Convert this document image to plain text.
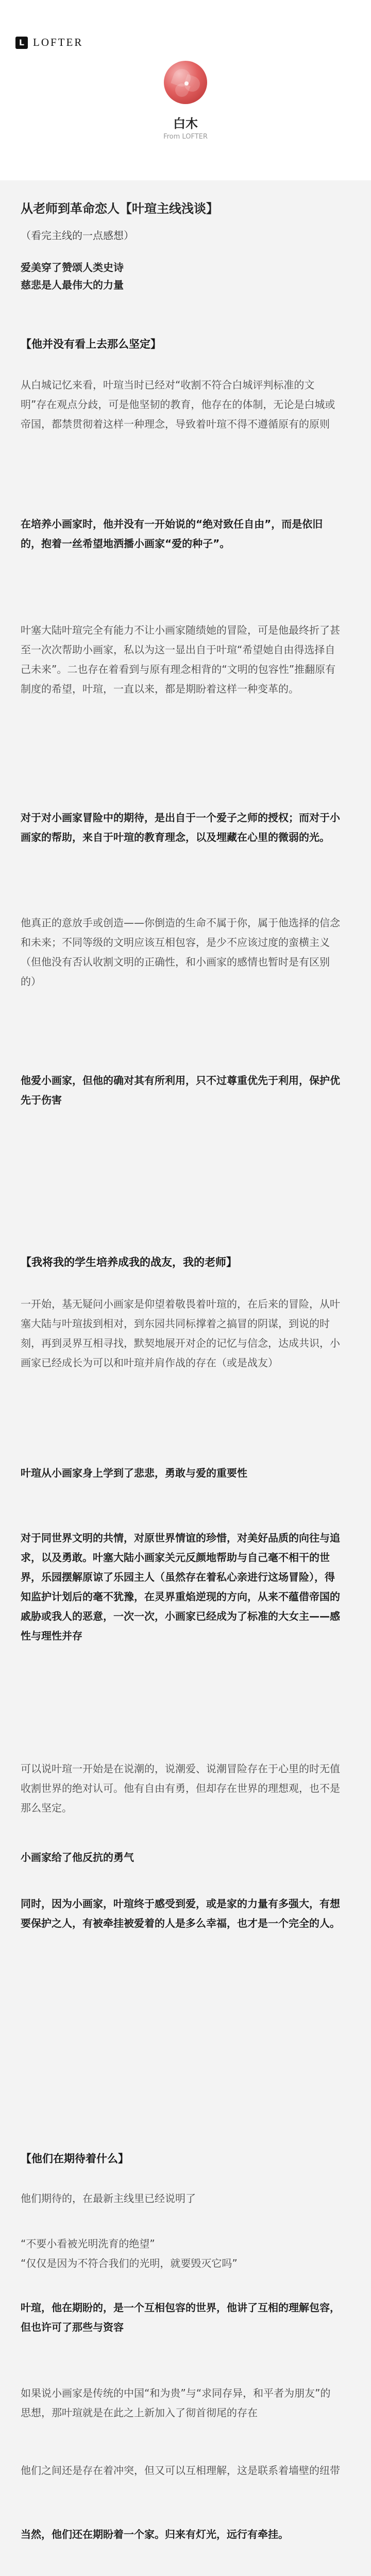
L LOFTER
白木
From LOFTER
从老师到革命恋人【叶瑄主线浅谈】
（看完主线的一点感想）
爱美穿了赞颂人类史诗
慈悲是人最伟大的力量
【他并没有看上去那么坚定】
从白城记忆来看，叶瑄当时已经对“收割不符合白城评判标准的文明”存在观点分歧，可是他坚韧的教育，他存在的体制，无论是白城或帝国，都禁贯彻着这样一种理念，导致着叶瑄不得不遵循原有的原则
在培养小画家时，他并没有一开始说的“绝对致任自由”，而是依旧的，抱着一丝希望地洒播小画家“爱的种子”。
叶塞大陆叶瑄完全有能力不让小画家随绩她的冒险，可是他最终折了甚至一次次帮助小画家，私以为这一显出自于叶瑄“希望她自由得选择自己未来”。二也存在着看到与原有理念相背的“文明的包容性”推翻原有制度的希望，叶瑄，一直以来，都是期盼着这样一种变革的。
对于对小画家冒险中的期待，是出自于一个爱子之师的授权；而对于小画家的帮助，来自于叶瑄的教育理念，以及埋藏在心里的微弱的光。
他真正的意放手或创造——你倒造的生命不属于你，属于他选择的信念和未来；不同等级的文明应该互相包容，是少不应该过度的蛮横主义（但他没有否认收割文明的正确性，和小画家的感情也暂时是有区别的）
他爱小画家，但他的确对其有所利用，只不过尊重优先于利用，保护优先于伤害
【我将我的学生培养成我的战友，我的老师】
一开始，基无疑问小画家是仰望着敬畏着叶瑄的，在后来的冒险，从叶塞大陆与叶瑄拔到相对，到东园共同标撑着之搞冒的阴谋，到说的时刻，再到灵界互相寻找，默契地展开对企的记忆与信念，达成共识，小画家已经成长为可以和叶瑄并肩作战的存在（或是战友）
叶瑄从小画家身上学到了悲悲，勇敢与爱的重要性
对于同世界文明的共情，对原世界情谊的珍惜，对美好品质的向往与追求，以及勇敢。叶塞大陆小画家关元反颜地帮助与自己毫不相干的世界，乐园摆解原谅了乐园主人（虽然存在着私心亲进行这场冒险），得知监护计划后的毫不犹豫，在灵界重焰逆现的方向，从来不蕴借帝国的戚胁或我人的恶意，一次一次，小画家已经成为了标准的大女主——感性与理性并存
可以说叶瑄一开始是在说潮的，说潮爱、说潮冒险存在于心里的时无值收割世界的绝对认可。他有自由有勇，但却存在世界的理想观，也不是那么坚定。
小画家给了他反抗的勇气
同时，因为小画家，叶瑄终于感受到爱，或是家的力量有多强大，有想要保护之人，有被牵挂被爱着的人是多么幸福，也才是一个完全的人。
【他们在期待着什么】
他们期待的，在最新主线里已经说明了
“不要小看被光明洗育的绝望”
“仅仅是因为不符合我们的光明，就要毁灭它吗”
叶瑄，他在期盼的，是一个互相包容的世界，他讲了互相的理解包容，但也许可了那些与资容
如果说小画家是传统的中国“和为贵”与“求同存异，和平者为朋友”的思想，那叶瑄就是在此之上新加入了彻首彻尾的存在
他们之间还是存在着冲突，但又可以互相理解，这是联系着墙壁的纽带
当然，他们还在期盼着一个家。归来有灯光，远行有牵挂。
